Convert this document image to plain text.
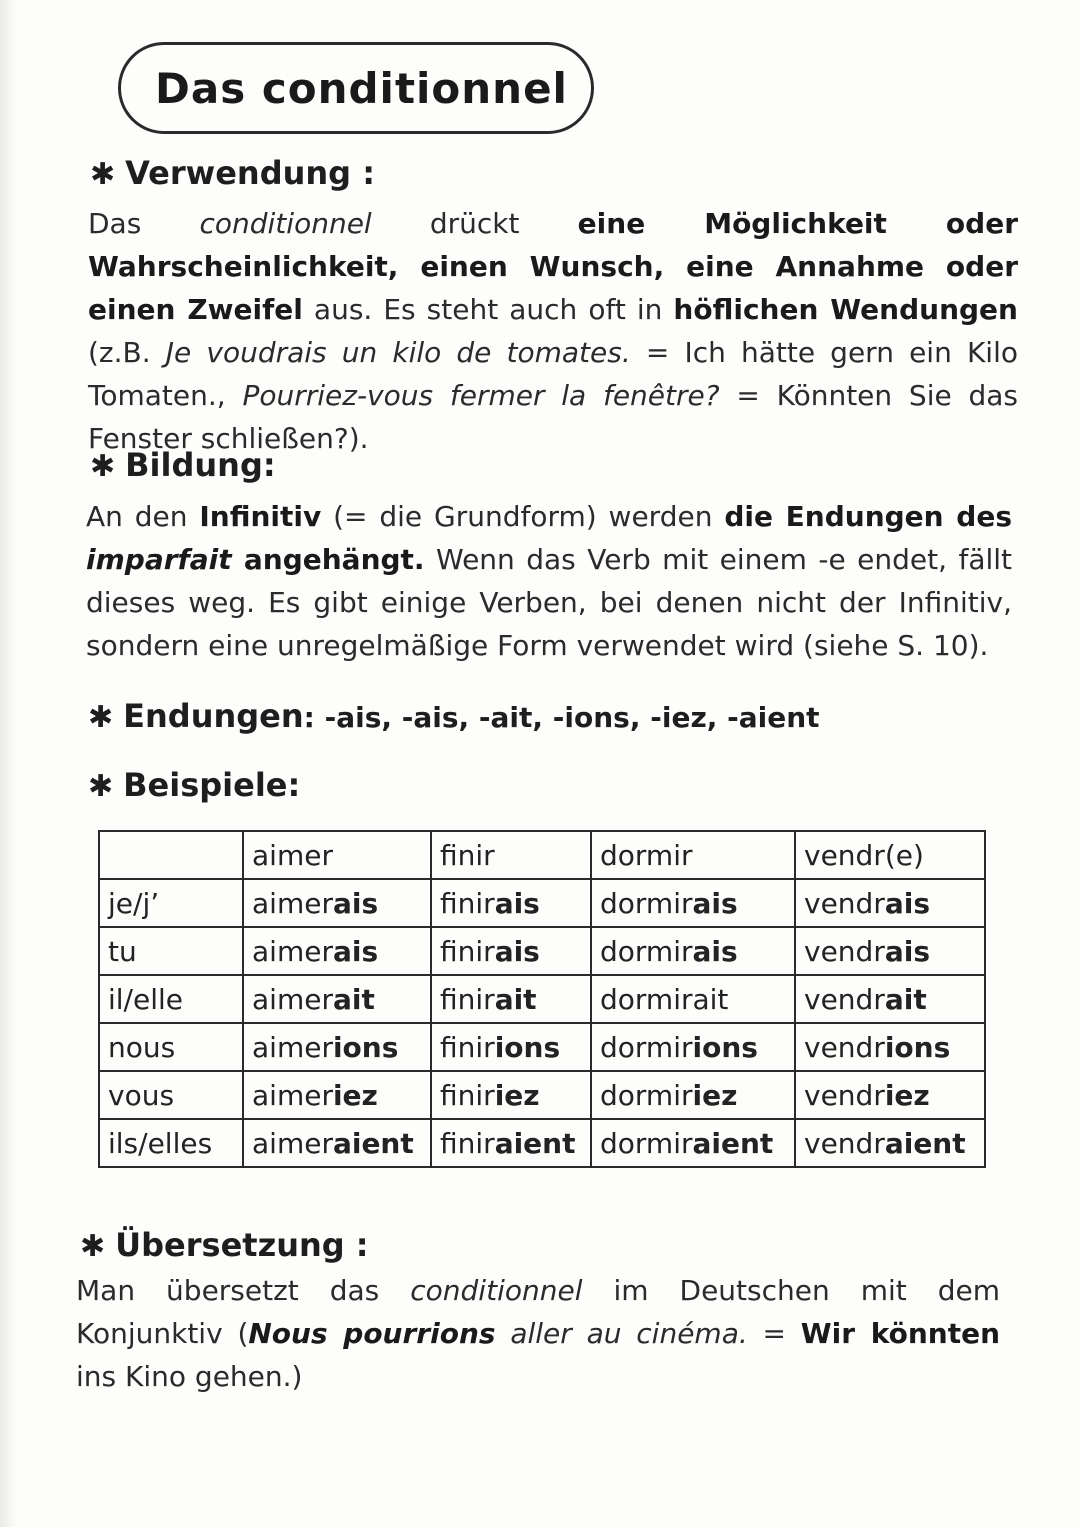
Das conditionnel
✱ Verwendung :
Das conditionnel drückt eine Möglichkeit oder Wahrscheinlichkeit, einen Wunsch, eine Annahme oder einen Zweifel aus. Es steht auch oft in höflichen Wendungen (z.B. Je voudrais un kilo de tomates. = Ich hätte gern ein Kilo Tomaten., Pourriez-vous fermer la fenêtre? = Könnten Sie das Fenster schließen?).
✱ Bildung:
An den Infinitiv (= die Grundform) werden die Endungen des imparfait angehängt. Wenn das Verb mit einem -e endet, fällt dieses weg. Es gibt einige Verben, bei denen nicht der Infinitiv, sondern eine unregelmäßige Form verwendet wird (siehe S. 10).
✱ Endungen: -ais, -ais, -ait, -ions, -iez, -aient
✱ Beispiele:
	aimer	finir	dormir	vendr(e)
je/j’	aimerais	finirais	dormirais	vendrais
tu	aimerais	finirais	dormirais	vendrais
il/elle	aimerait	finirait	dormirait	vendrait
nous	aimerions	finirions	dormirions	vendrions
vous	aimeriez	finiriez	dormiriez	vendriez
ils/elles	aimeraient	finiraient	dormiraient	vendraient
✱ Übersetzung :
Man übersetzt das conditionnel im Deutschen mit dem Konjunktiv (Nous pourrions aller au cinéma. = Wir könnten ins Kino gehen.)
